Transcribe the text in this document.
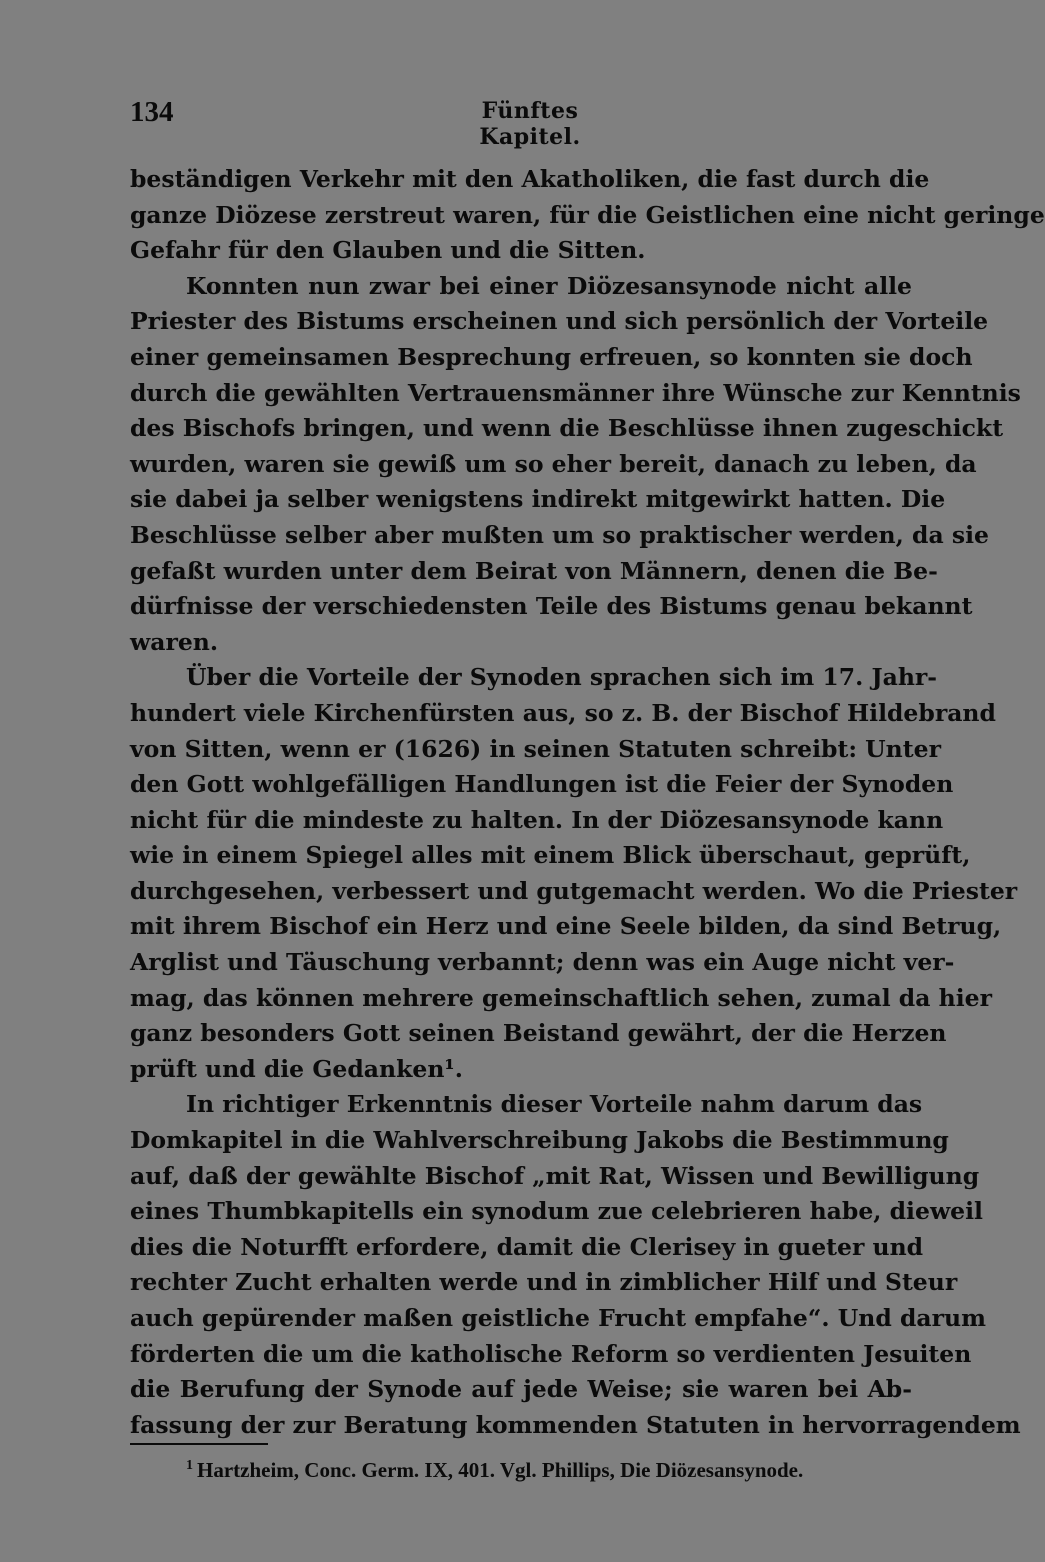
134	Fünftes Kapitel.
beständigen Verkehr mit den Akatholiken, die fast durch die
ganze Diözese zerstreut waren, für die Geistlichen eine nicht geringe
Gefahr für den Glauben und die Sitten.
Konnten nun zwar bei einer Diözesansynode nicht alle
Priester des Bistums erscheinen und sich persönlich der Vorteile
einer gemeinsamen Besprechung erfreuen, so konnten sie doch
durch die gewählten Vertrauensmänner ihre Wünsche zur Kenntnis
des Bischofs bringen, und wenn die Beschlüsse ihnen zugeschickt
wurden, waren sie gewiß um so eher bereit, danach zu leben, da
sie dabei ja selber wenigstens indirekt mitgewirkt hatten. Die
Beschlüsse selber aber mußten um so praktischer werden, da sie
gefaßt wurden unter dem Beirat von Männern, denen die Be-
dürfnisse der verschiedensten Teile des Bistums genau bekannt
waren.
Über die Vorteile der Synoden sprachen sich im 17. Jahr-
hundert viele Kirchenfürsten aus, so z. B. der Bischof Hildebrand
von Sitten, wenn er (1626) in seinen Statuten schreibt: Unter
den Gott wohlgefälligen Handlungen ist die Feier der Synoden
nicht für die mindeste zu halten. In der Diözesansynode kann
wie in einem Spiegel alles mit einem Blick überschaut, geprüft,
durchgesehen, verbessert und gutgemacht werden. Wo die Priester
mit ihrem Bischof ein Herz und eine Seele bilden, da sind Betrug,
Arglist und Täuschung verbannt; denn was ein Auge nicht ver-
mag, das können mehrere gemeinschaftlich sehen, zumal da hier
ganz besonders Gott seinen Beistand gewährt, der die Herzen
prüft und die Gedanken¹.
In richtiger Erkenntnis dieser Vorteile nahm darum das
Domkapitel in die Wahlverschreibung Jakobs die Bestimmung
auf, daß der gewählte Bischof „mit Rat, Wissen und Bewilligung
eines Thumbkapitells ein synodum zue celebrieren habe, dieweil
dies die Noturfft erfordere, damit die Clerisey in gueter und
rechter Zucht erhalten werde und in zimblicher Hilf und Steur
auch gepürender maßen geistliche Frucht empfahe“. Und darum
förderten die um die katholische Reform so verdienten Jesuiten
die Berufung der Synode auf jede Weise; sie waren bei Ab-
fassung der zur Beratung kommenden Statuten in hervorragendem
$^1$ Hartzheim, Conc. Germ. IX, 401. Vgl. Phillips, Die Diözesansynode.
